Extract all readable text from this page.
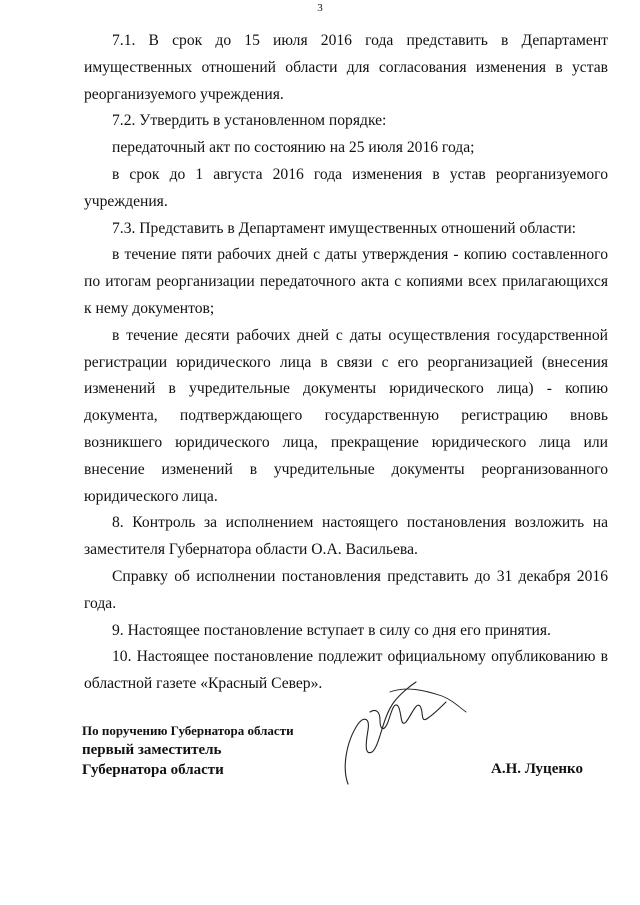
3

7.1. В срок до 15 июля 2016 года представить в Департамент имущественных отношений области для согласования изменения в устав реорганизуемого учреждения.

7.2. Утвердить в установленном порядке:

передаточный акт по состоянию на 25 июля 2016 года;

в срок до 1 августа 2016 года изменения в устав реорганизуемого учреждения.

7.3. Представить в Департамент имущественных отношений области:

в течение пяти рабочих дней с даты утверждения - копию составленного по итогам реорганизации передаточного акта с копиями всех прилагающихся к нему документов;

в течение десяти рабочих дней с даты осуществления государственной регистрации юридического лица в связи с его реорганизацией (внесения изменений в учредительные документы юридического лица) - копию документа, подтверждающего государственную регистрацию вновь возникшего юридического лица, прекращение юридического лица или внесение изменений в учредительные документы реорганизованного юридического лица.

8. Контроль за исполнением настоящего постановления возложить на заместителя Губернатора области О.А. Васильева.

Справку об исполнении постановления представить до 31 декабря 2016 года.

9. Настоящее постановление вступает в силу со дня его принятия.

10. Настоящее постановление подлежит официальному опубликованию в областной газете «Красный Север».

По поручению Губернатора области
первый заместитель
Губернатора области	А.Н. Луценко
